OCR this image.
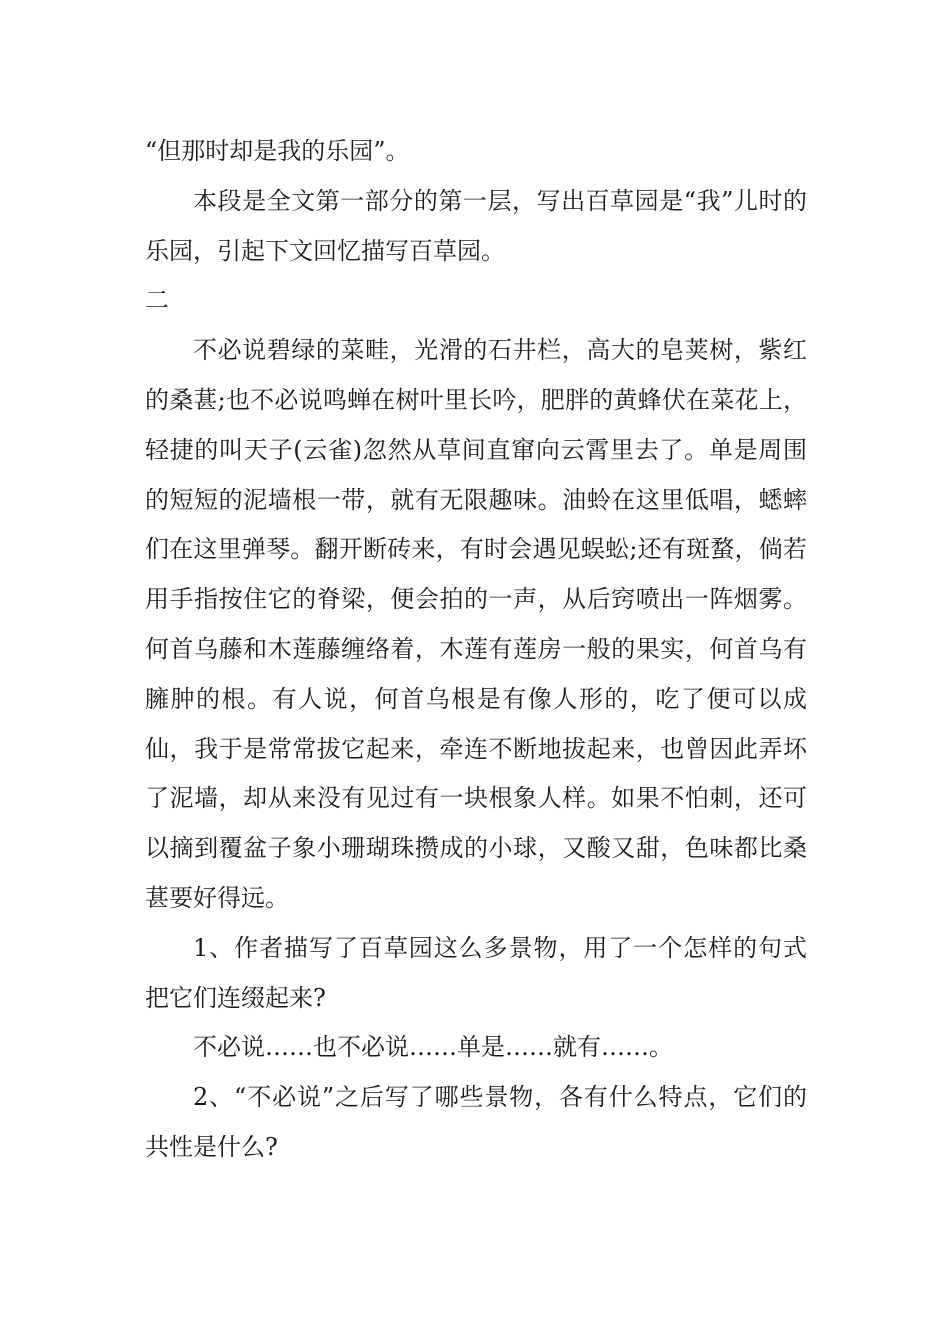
“但那时却是我的乐园”。

本段是全文第一部分的第一层，写出百草园是“我”儿时的乐园，引起下文回忆描写百草园。

二

不必说碧绿的菜畦，光滑的石井栏，高大的皂荚树，紫红的桑葚;也不必说鸣蝉在树叶里长吟，肥胖的黄蜂伏在菜花上，轻捷的叫天子(云雀)忽然从草间直窜向云霄里去了。单是周围的短短的泥墙根一带，就有无限趣味。油蛉在这里低唱，蟋蟀们在这里弹琴。翻开断砖来，有时会遇见蜈蚣;还有斑蝥，倘若用手指按住它的脊梁，便会拍的一声，从后窍喷出一阵烟雾。何首乌藤和木莲藤缠络着，木莲有莲房一般的果实，何首乌有臃肿的根。有人说，何首乌根是有像人形的，吃了便可以成仙，我于是常常拔它起来，牵连不断地拔起来，也曾因此弄坏了泥墙，却从来没有见过有一块根象人样。如果不怕刺，还可以摘到覆盆子象小珊瑚珠攒成的小球，又酸又甜，色味都比桑葚要好得远。

1、作者描写了百草园这么多景物，用了一个怎样的句式把它们连缀起来?

不必说……也不必说……单是……就有……。

2、“不必说”之后写了哪些景物，各有什么特点，它们的共性是什么?
